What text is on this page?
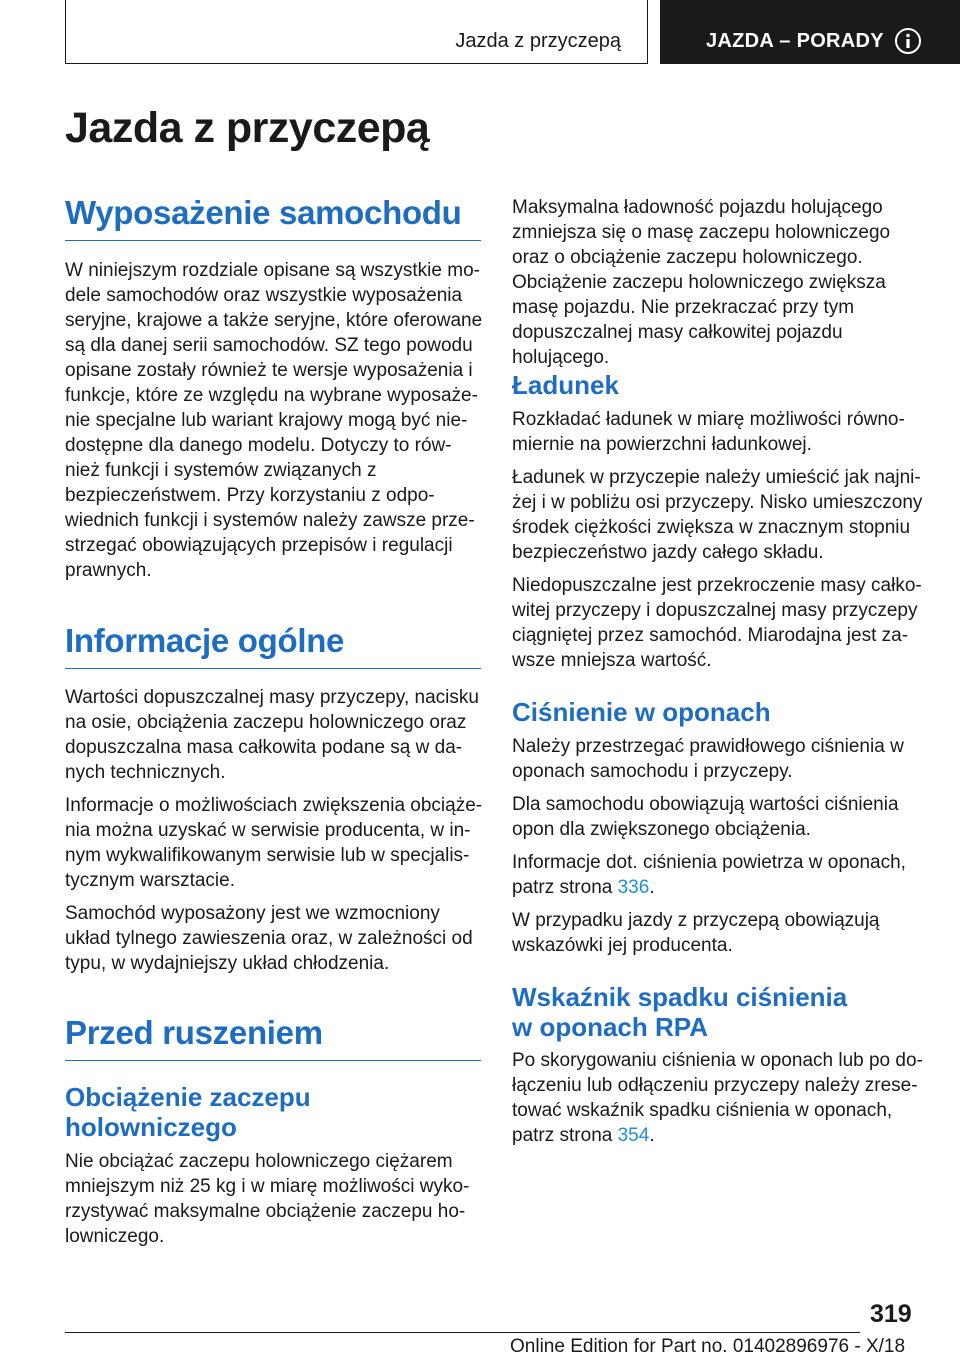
Jazda z przyczepą	JAZDA – PORADY
Jazda z przyczepą
Wyposażenie samochodu

W niniejszym rozdziale opisane są wszystkie mo-dele samochodów oraz wszystkie wyposażenia seryjne, krajowe a także seryjne, które oferowane są dla danej serii samochodów. SZ tego powodu opisane zostały również te wersje wyposażenia i funkcje, które ze względu na wybrane wyposaże-nie specjalne lub wariant krajowy mogą być nie-dostępne dla danego modelu. Dotyczy to rów-nież funkcji i systemów związanych z bezpieczeństwem. Przy korzystaniu z odpo-wiednich funkcji i systemów należy zawsze prze-strzegać obowiązujących przepisów i regulacji prawnych.

Informacje ogólne

Wartości dopuszczalnej masy przyczepy, nacisku na osie, obciążenia zaczepu holowniczego oraz dopuszczalna masa całkowita podane są w da-nych technicznych.

Informacje o możliwościach zwiększenia obciąże-nia można uzyskać w serwisie producenta, w in-nym wykwalifikowanym serwisie lub w specjalis-tycznym warsztacie.

Samochód wyposażony jest we wzmocniony układ tylnego zawieszenia oraz, w zależności od typu, w wydajniejszy układ chłodzenia.

Przed ruszeniem
Obciążenie zaczepu holowniczego

Nie obciążać zaczepu holowniczego ciężarem mniejszym niż 25 kg i w miarę możliwości wyko-rzystywać maksymalne obciążenie zaczepu ho-lowniczego.

Maksymalna ładowność pojazdu holującego zmniejsza się o masę zaczepu holowniczego oraz o obciążenie zaczepu holowniczego. Obciążenie zaczepu holowniczego zwiększa masę pojazdu. Nie przekraczać przy tym dopuszczalnej masy całkowitej pojazdu holującego.

Ładunek

Rozkładać ładunek w miarę możliwości równo-miernie na powierzchni ładunkowej.

Ładunek w przyczepie należy umieścić jak najni-żej i w pobliżu osi przyczepy. Nisko umieszczony środek ciężkości zwiększa w znacznym stopniu bezpieczeństwo jazdy całego składu.

Niedopuszczalne jest przekroczenie masy całko-witej przyczepy i dopuszczalnej masy przyczepy ciągniętej przez samochód. Miarodajna jest za-wsze mniejsza wartość.

Ciśnienie w oponach

Należy przestrzegać prawidłowego ciśnienia w oponach samochodu i przyczepy.

Dla samochodu obowiązują wartości ciśnienia opon dla zwiększonego obciążenia.

Informacje dot. ciśnienia powietrza w oponach, patrz strona 336.

W przypadku jazdy z przyczepą obowiązują wskazówki jej producenta.

Wskaźnik spadku ciśnienia
w oponach RPA

Po skorygowaniu ciśnienia w oponach lub po do-łączeniu lub odłączeniu przyczepy należy zrese-tować wskaźnik spadku ciśnienia w oponach, patrz strona 354.

319
Online Edition for Part no. 01402896976 - X/18
